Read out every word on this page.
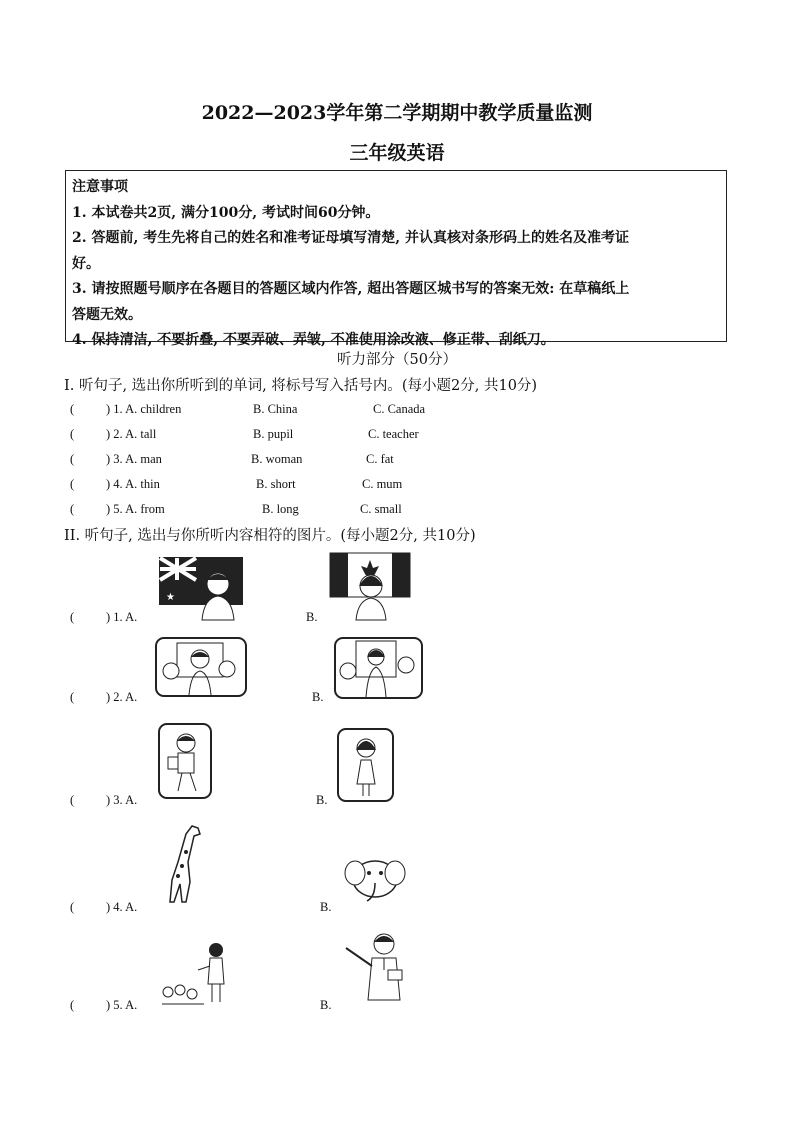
2022—2023学年第二学期期中教学质量监测
三年级英语
注意事项
1. 本试卷共2页, 满分100分, 考试时间60分钟。
2. 答题前, 考生先将自己的姓名和准考证母填写清楚, 并认真核对条形码上的姓名及准考证
好。
3. 请按照题号顺序在各题目的答题区域内作答, 超出答题区城书写的答案无效: 在草稿纸上
答题无效。
4. 保持清洁, 不要折叠, 不要弄破、弄皱, 不准使用涂改液、修正带、刮纸刀。
听力部分（50分）
I. 听句子, 选出你所听到的单词, 将标号写入括号内。(每小题2分, 共10分)
(	) 1. A. children	B. China	C. Canada
(	) 2. A. tall	B. pupil	C. teacher
(	) 3. A. man	B. woman	C. fat
(	) 4. A. thin	B. short	C. mum
(	) 5. A. from	B. long	C. small
II. 听句子, 选出与你所听内容相符的图片。(每小题2分, 共10分)
(	) 1. A.	B.
(	) 2. A.	B.
(	) 3. A.	B.
(	) 4. A.	B.
(	) 5. A.	B.
★
